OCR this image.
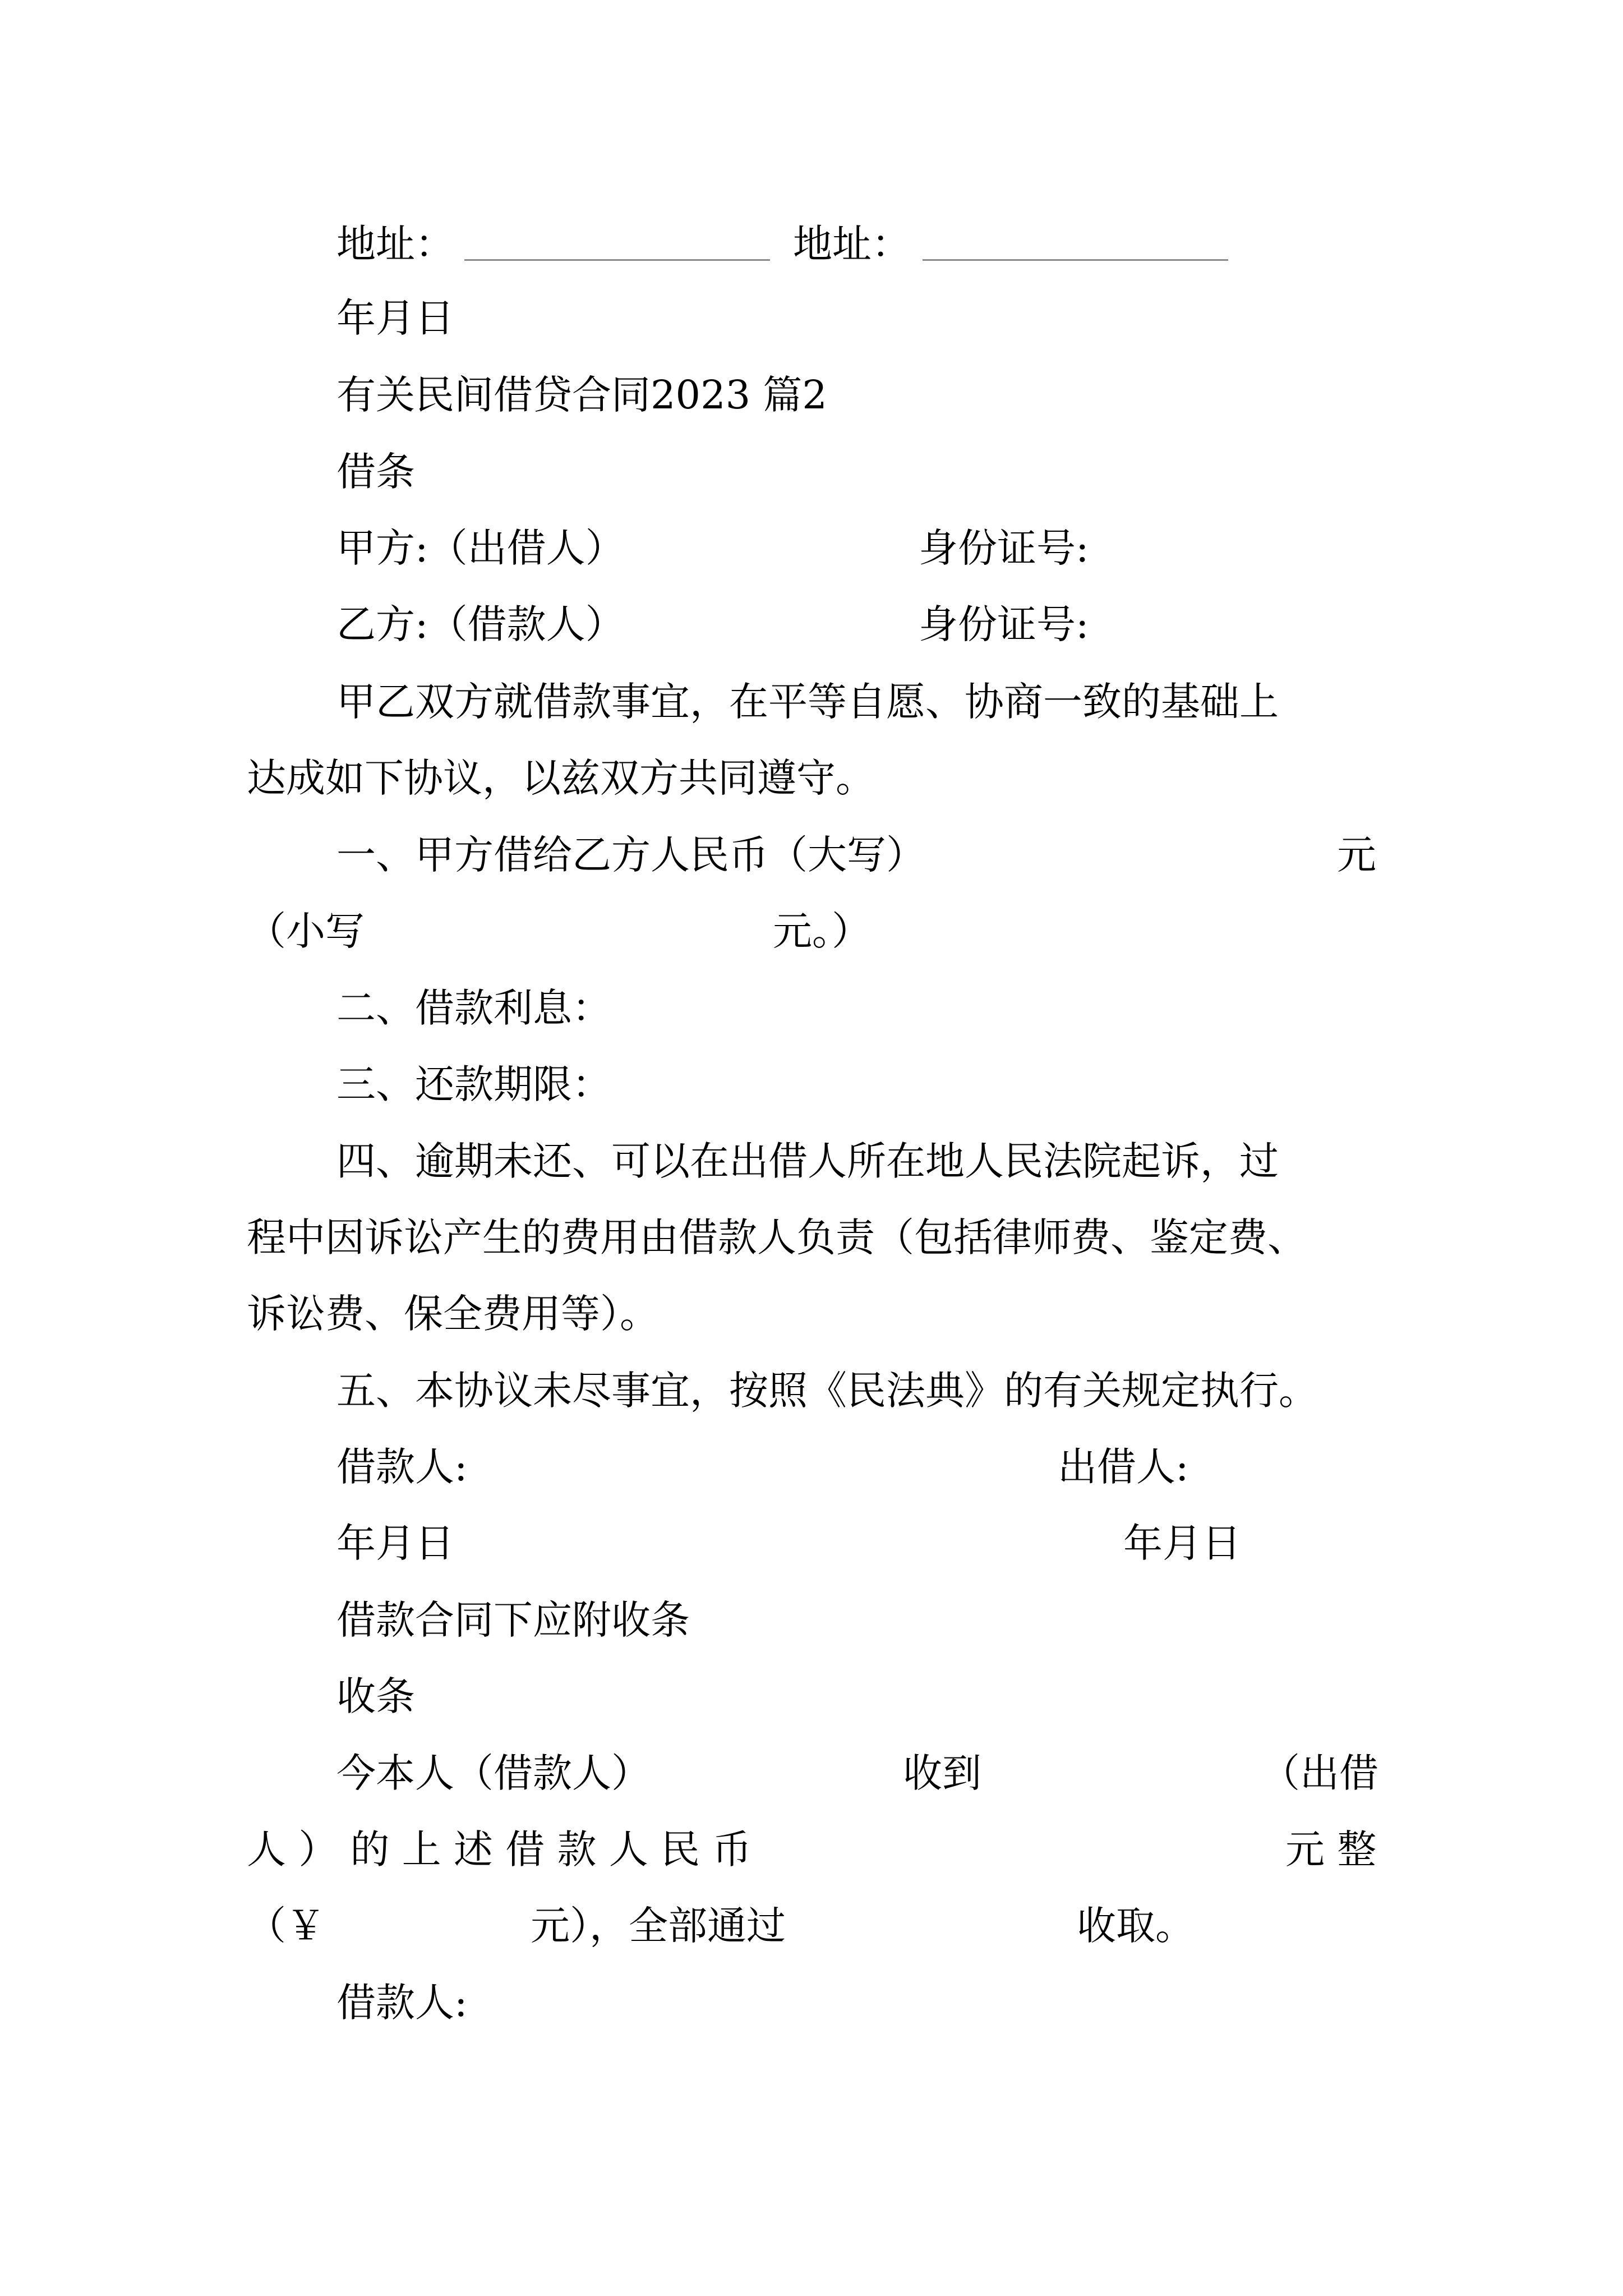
地址：	地址：
年月日
有关民间借贷合同2023 篇2
借条
甲方:（出借人）	身份证号:
乙方:（借款人）	身份证号:
甲乙双方就借款事宜，在平等自愿、协商一致的基础上
达成如下协议，以兹双方共同遵守。
一、甲方借给乙方人民币（大写）	元
（小写	元。）
二、借款利息：
三、还款期限：
四、逾期未还、可以在出借人所在地人民法院起诉，过
程中因诉讼产生的费用由借款人负责（包括律师费、鉴定费、
诉讼费、保全费用等）。
五、本协议未尽事宜，按照《民法典》的有关规定执行。
借款人:	出借人:
年月日	年月日
借款合同下应附收条
收条
今本人（借款人）	收到	（出借
人 ） 的 上 述 借 款 人 民 币	元 整
（￥	元），全部通过	收取。
借款人:
